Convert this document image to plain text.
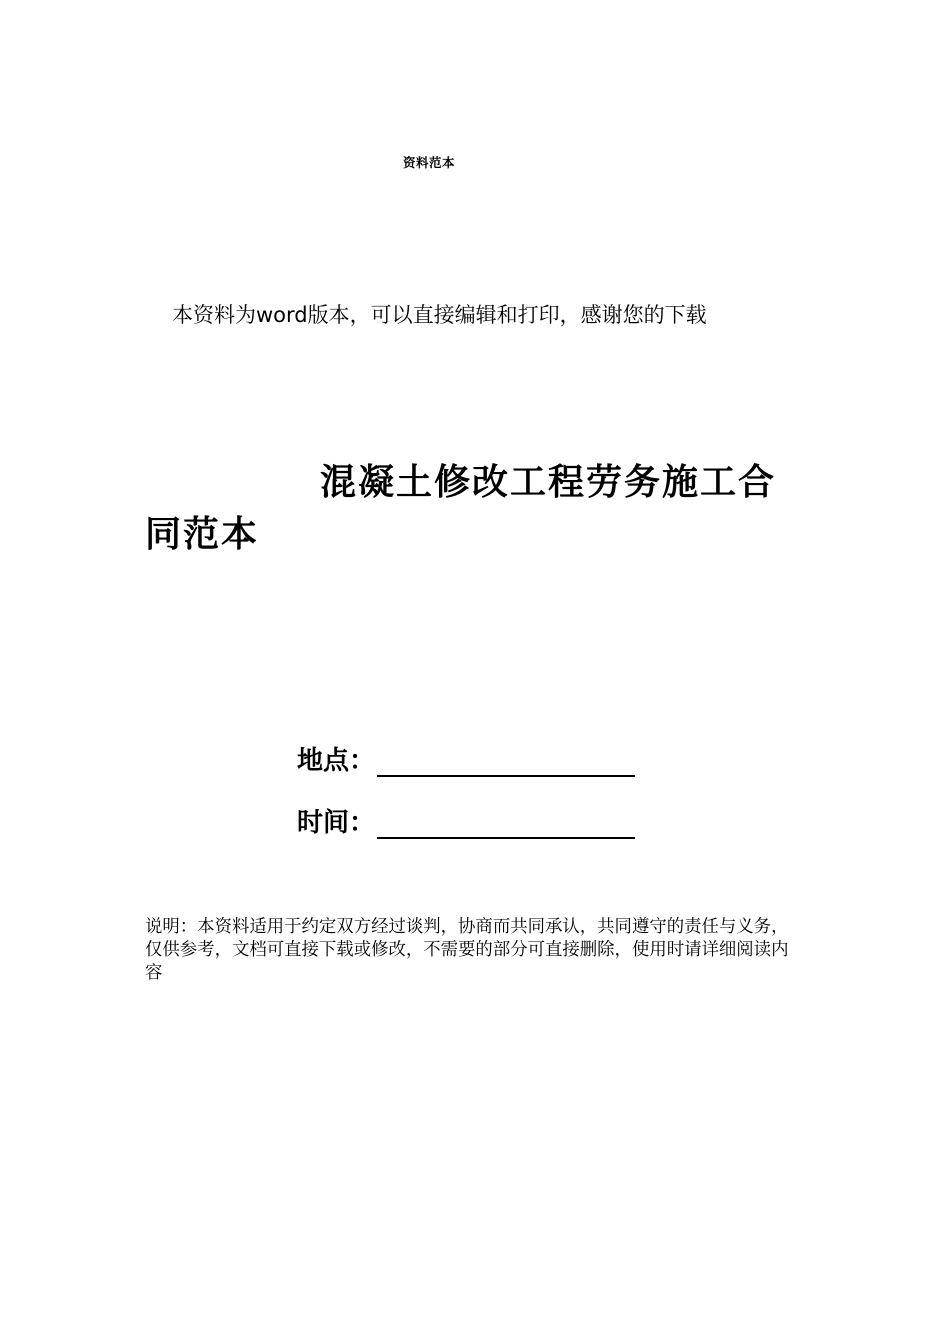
资料范本
本资料为word版本，可以直接编辑和打印，感谢您的下载
混凝土修改工程劳务施工合同范本
地点：
时间：
说明：本资料适用于约定双方经过谈判，协商而共同承认，共同遵守的责任与义务，仅供参考，文档可直接下载或修改，不需要的部分可直接删除，使用时请详细阅读内容
